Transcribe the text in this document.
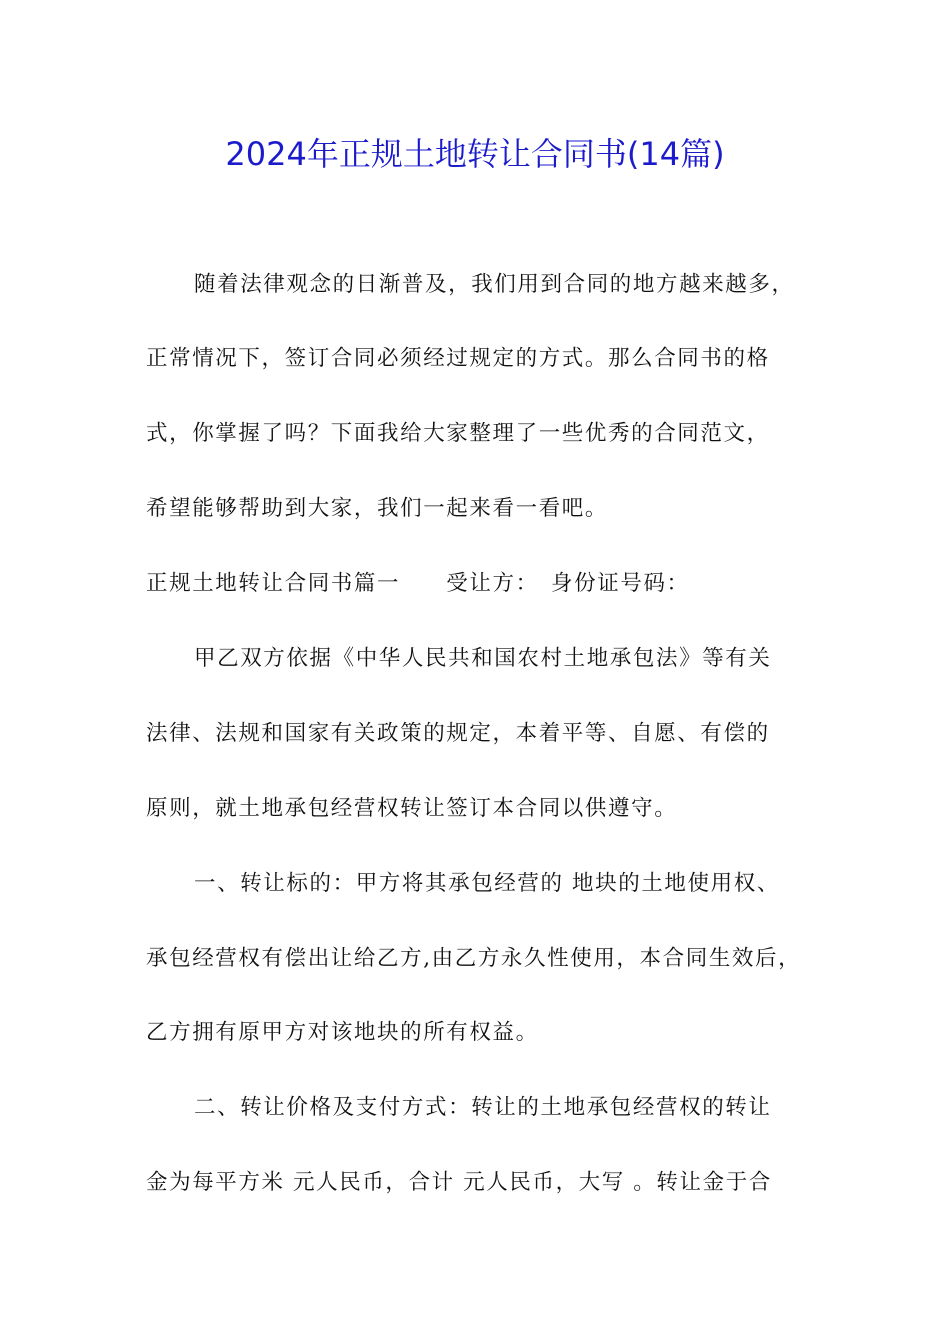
2024年正规土地转让合同书(14篇)
随着法律观念的日渐普及，我们用到合同的地方越来越多，
正常情况下，签订合同必须经过规定的方式。那么合同书的格
式，你掌握了吗？下面我给大家整理了一些优秀的合同范文，
希望能够帮助到大家，我们一起来看一看吧。
正规土地转让合同书篇一　　受让方：　身份证号码：
甲乙双方依据《中华人民共和国农村土地承包法》等有关
法律、法规和国家有关政策的规定，本着平等、自愿、有偿的
原则，就土地承包经营权转让签订本合同以供遵守。
一、转让标的：甲方将其承包经营的 地块的土地使用权、
承包经营权有偿出让给乙方,由乙方永久性使用，本合同生效后，
乙方拥有原甲方对该地块的所有权益。
二、转让价格及支付方式：转让的土地承包经营权的转让
金为每平方米 元人民币，合计 元人民币，大写 。转让金于合
